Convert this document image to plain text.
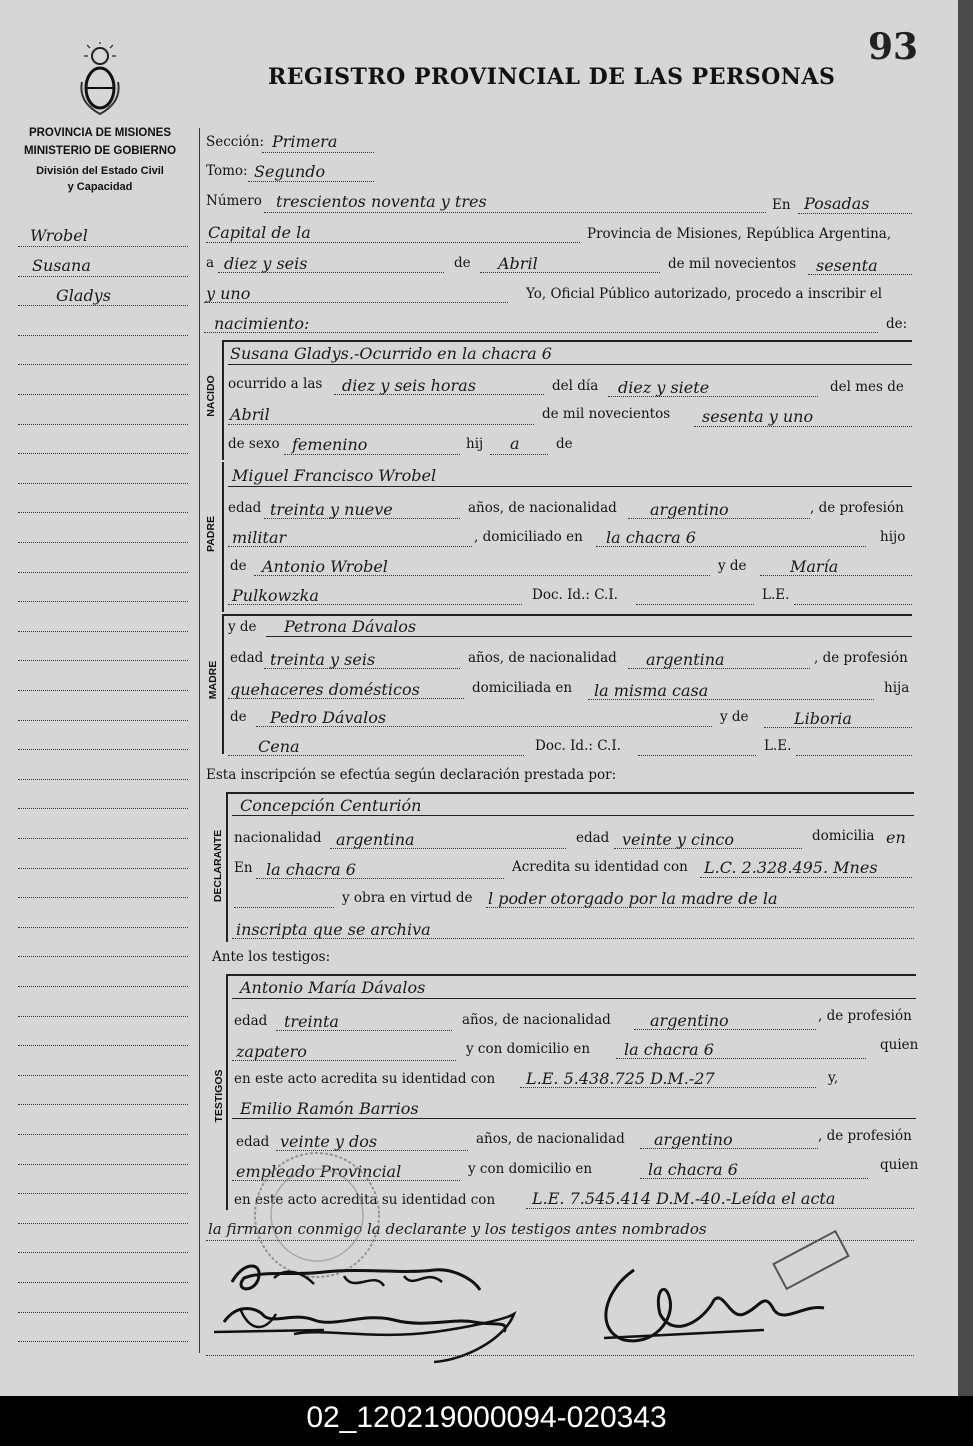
93
REGISTRO PROVINCIAL DE LAS PERSONAS
PROVINCIA DE MISIONES
MINISTERIO DE GOBIERNO
División del Estado Civil
y Capacidad
Wrobel
Susana
Gladys
Sección: Primera
Tomo: Segundo
Número trescientos noventa y tres	En Posadas
Capital de la	Provincia de Misiones, República Argentina,
a diez y seis	de Abril	de mil novecientos sesenta
y uno	Yo, Oficial Público autorizado, procedo a inscribir el
nacimiento:	de:
NACIDO
Susana Gladys.-Ocurrido en la chacra 6
ocurrido a las diez y seis horas	del día diez y siete	del mes de
Abril	de mil novecientos sesenta y uno
de sexo femenino	hij a	de
PADRE
Miguel Francisco Wrobel
edad treinta y nueve	años, de nacionalidad argentino	, de profesión
militar	, domiciliado en la chacra 6	hijo
de Antonio Wrobel	y de	María
Pulkowzka	Doc. Id.: C.I.	L.E.
MADRE
y de Petrona Dávalos
edad treinta y seis	años, de nacionalidad argentina	, de profesión
quehaceres domésticos	domiciliada en la misma casa	hija
de Pedro Dávalos	y de	Liboria
Cena	Doc. Id.: C.I.	L.E.
Esta inscripción se efectúa según declaración prestada por:
DECLARANTE
Concepción Centurión
nacionalidad argentina	edad veinte y cinco	domicilia en
En la chacra 6	Acredita su identidad con L.C. 2.328.495. Mnes
y obra en virtud de l poder otorgado por la madre de la
inscripta que se archiva
Ante los testigos:
TESTIGOS
Antonio María Dávalos
edad treinta	años, de nacionalidad argentino	, de profesión
zapatero	y con domicilio en la chacra 6	quien
en este acto acredita su identidad con L.E. 5.438.725 D.M.-27	y,
Emilio Ramón Barrios
edad veinte y dos	años, de nacionalidad argentino	, de profesión
empleado Provincial	y con domicilio en	la chacra 6	quien
en este acto acredita su identidad con L.E. 7.545.414 D.M.-40.-Leída el acta
la firmaron conmigo la declarante y los testigos antes nombrados
02_120219000094-020343
